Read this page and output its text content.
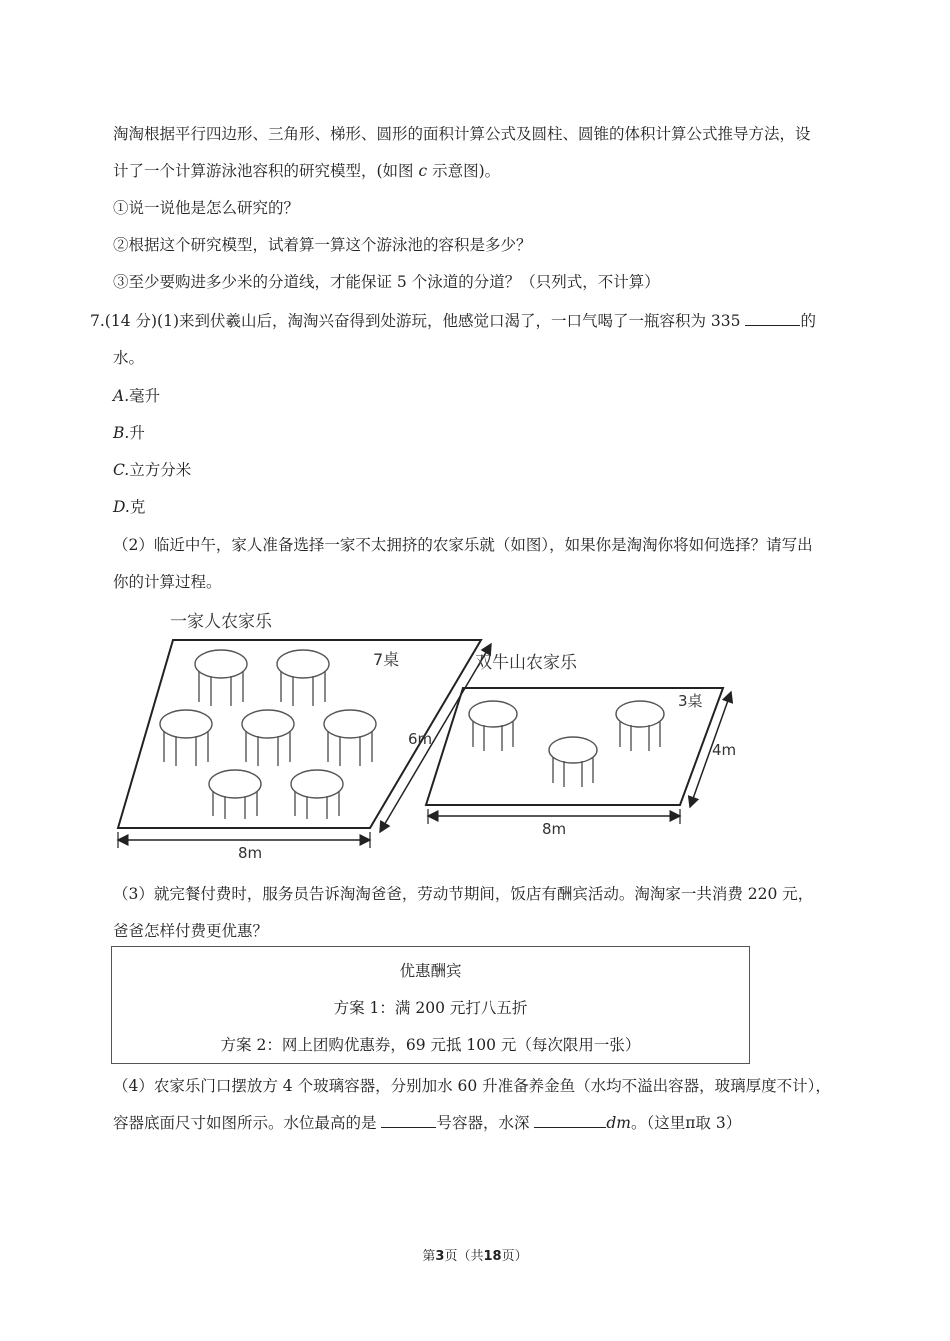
淘淘根据平行四边形、三角形、梯形、圆形的面积计算公式及圆柱、圆锥的体积计算公式推导方法，设
计了一个计算游泳池容积的研究模型，(如图 c 示意图)。
①说一说他是怎么研究的？
②根据这个研究模型，试着算一算这个游泳池的容积是多少？
③至少要购进多少米的分道线，才能保证 5 个泳道的分道？（只列式，不计算）
7.(14 分)(1)来到伏羲山后，淘淘兴奋得到处游玩，他感觉口渴了，一口气喝了一瓶容积为 335	的
水。
A.毫升
B.升
C.立方分米
D.克
（2）临近中午，家人准备选择一家不太拥挤的农家乐就（如图），如果你是淘淘你将如何选择？请写出
你的计算过程。
一家人农家乐
7桌
6m
8m
双牛山农家乐
3桌
4m
8m
（3）就完餐付费时，服务员告诉淘淘爸爸，劳动节期间，饭店有酬宾活动。淘淘家一共消费 220 元，
爸爸怎样付费更优惠？
优惠酬宾
方案 1：满 200 元打八五折
方案 2：网上团购优惠券，69 元抵 100 元（每次限用一张）
（4）农家乐门口摆放方 4 个玻璃容器，分别加水 60 升准备养金鱼（水均不溢出容器，玻璃厚度不计），
容器底面尺寸如图所示。水位最高的是	号容器，水深	dm。（这里π取 3）
第3页（共18页）
